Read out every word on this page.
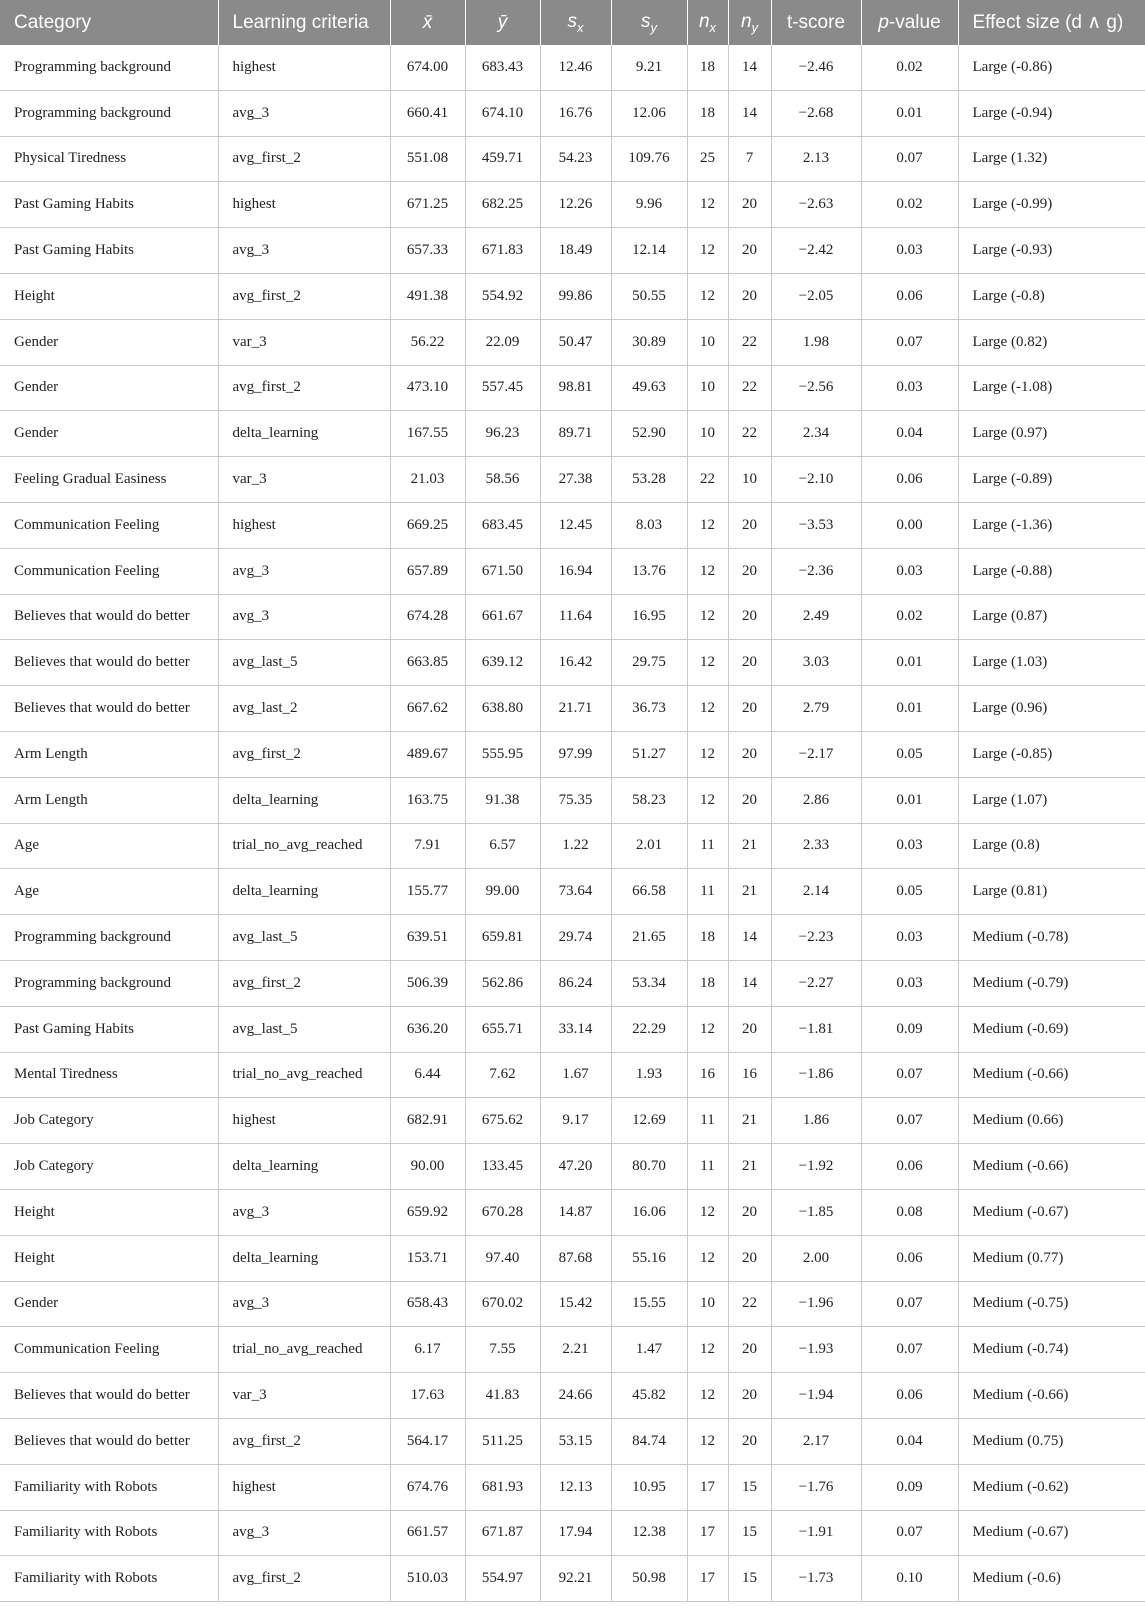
Category	Learning criteria	x̄	ȳ	$s_x$	$s_y$	$n_x$	$n_y$	t-score	p-value	Effect size (d ∧ g)
Programming background	highest	674.00	683.43	12.46	9.21	18	14	−2.46	0.02	Large (-0.86)
Programming background	avg_3	660.41	674.10	16.76	12.06	18	14	−2.68	0.01	Large (-0.94)
Physical Tiredness	avg_first_2	551.08	459.71	54.23	109.76	25	7	2.13	0.07	Large (1.32)
Past Gaming Habits	highest	671.25	682.25	12.26	9.96	12	20	−2.63	0.02	Large (-0.99)
Past Gaming Habits	avg_3	657.33	671.83	18.49	12.14	12	20	−2.42	0.03	Large (-0.93)
Height	avg_first_2	491.38	554.92	99.86	50.55	12	20	−2.05	0.06	Large (-0.8)
Gender	var_3	56.22	22.09	50.47	30.89	10	22	1.98	0.07	Large (0.82)
Gender	avg_first_2	473.10	557.45	98.81	49.63	10	22	−2.56	0.03	Large (-1.08)
Gender	delta_learning	167.55	96.23	89.71	52.90	10	22	2.34	0.04	Large (0.97)
Feeling Gradual Easiness	var_3	21.03	58.56	27.38	53.28	22	10	−2.10	0.06	Large (-0.89)
Communication Feeling	highest	669.25	683.45	12.45	8.03	12	20	−3.53	0.00	Large (-1.36)
Communication Feeling	avg_3	657.89	671.50	16.94	13.76	12	20	−2.36	0.03	Large (-0.88)
Believes that would do better	avg_3	674.28	661.67	11.64	16.95	12	20	2.49	0.02	Large (0.87)
Believes that would do better	avg_last_5	663.85	639.12	16.42	29.75	12	20	3.03	0.01	Large (1.03)
Believes that would do better	avg_last_2	667.62	638.80	21.71	36.73	12	20	2.79	0.01	Large (0.96)
Arm Length	avg_first_2	489.67	555.95	97.99	51.27	12	20	−2.17	0.05	Large (-0.85)
Arm Length	delta_learning	163.75	91.38	75.35	58.23	12	20	2.86	0.01	Large (1.07)
Age	trial_no_avg_reached	7.91	6.57	1.22	2.01	11	21	2.33	0.03	Large (0.8)
Age	delta_learning	155.77	99.00	73.64	66.58	11	21	2.14	0.05	Large (0.81)
Programming background	avg_last_5	639.51	659.81	29.74	21.65	18	14	−2.23	0.03	Medium (-0.78)
Programming background	avg_first_2	506.39	562.86	86.24	53.34	18	14	−2.27	0.03	Medium (-0.79)
Past Gaming Habits	avg_last_5	636.20	655.71	33.14	22.29	12	20	−1.81	0.09	Medium (-0.69)
Mental Tiredness	trial_no_avg_reached	6.44	7.62	1.67	1.93	16	16	−1.86	0.07	Medium (-0.66)
Job Category	highest	682.91	675.62	9.17	12.69	11	21	1.86	0.07	Medium (0.66)
Job Category	delta_learning	90.00	133.45	47.20	80.70	11	21	−1.92	0.06	Medium (-0.66)
Height	avg_3	659.92	670.28	14.87	16.06	12	20	−1.85	0.08	Medium (-0.67)
Height	delta_learning	153.71	97.40	87.68	55.16	12	20	2.00	0.06	Medium (0.77)
Gender	avg_3	658.43	670.02	15.42	15.55	10	22	−1.96	0.07	Medium (-0.75)
Communication Feeling	trial_no_avg_reached	6.17	7.55	2.21	1.47	12	20	−1.93	0.07	Medium (-0.74)
Believes that would do better	var_3	17.63	41.83	24.66	45.82	12	20	−1.94	0.06	Medium (-0.66)
Believes that would do better	avg_first_2	564.17	511.25	53.15	84.74	12	20	2.17	0.04	Medium (0.75)
Familiarity with Robots	highest	674.76	681.93	12.13	10.95	17	15	−1.76	0.09	Medium (-0.62)
Familiarity with Robots	avg_3	661.57	671.87	17.94	12.38	17	15	−1.91	0.07	Medium (-0.67)
Familiarity with Robots	avg_first_2	510.03	554.97	92.21	50.98	17	15	−1.73	0.10	Medium (-0.6)
